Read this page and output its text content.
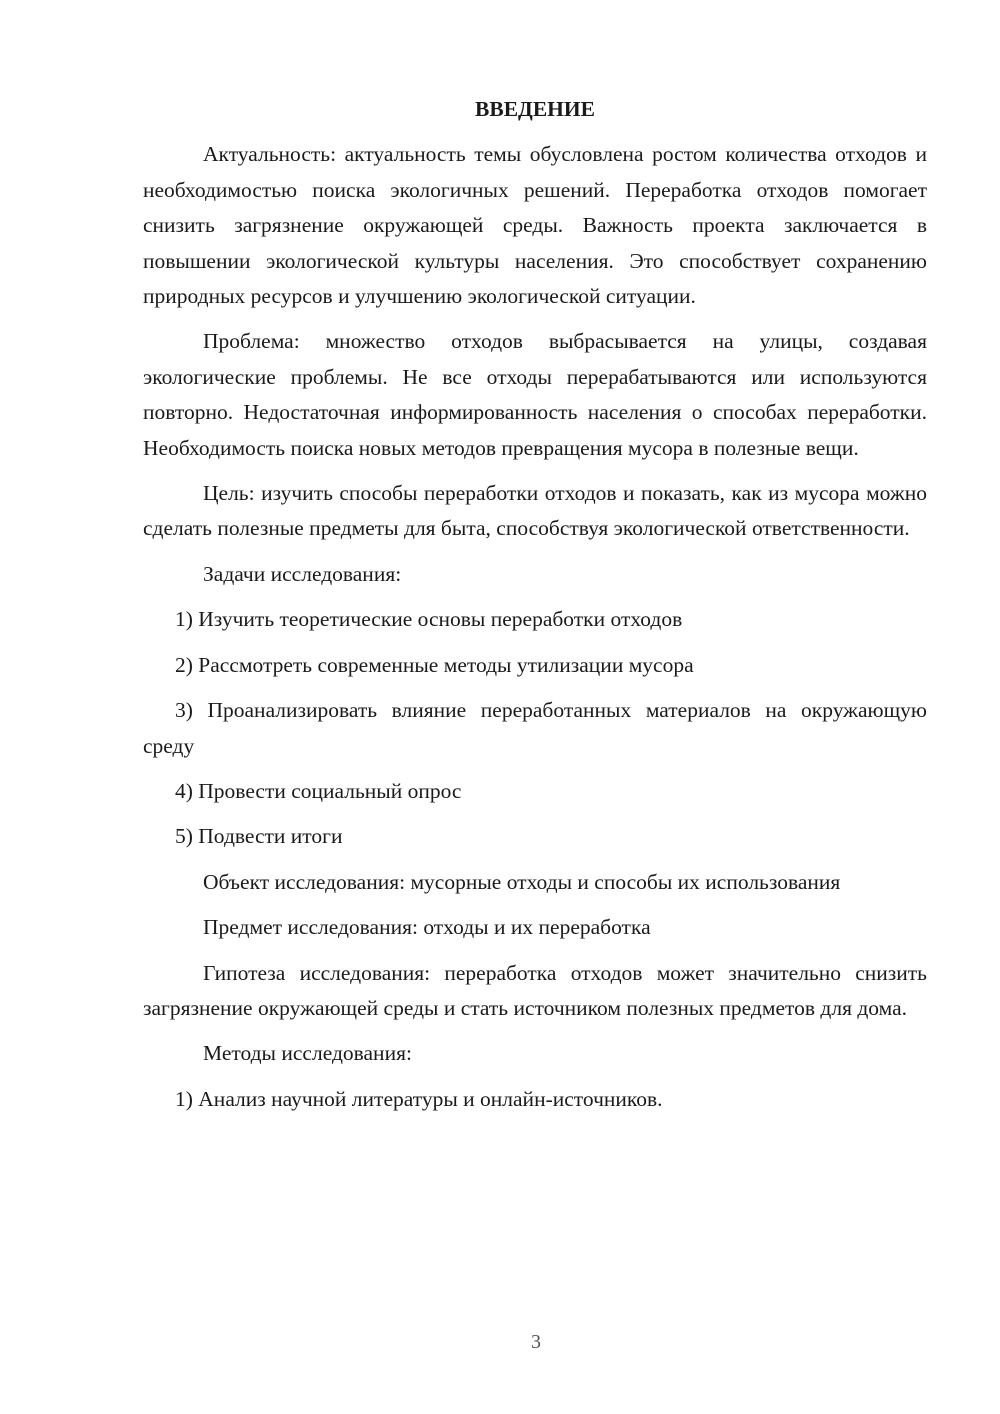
ВВЕДЕНИЕ

Актуальность: актуальность темы обусловлена ростом количества отходов и необходимостью поиска экологичных решений. Переработка отходов помогает снизить загрязнение окружающей среды. Важность проекта заключается в повышении экологической культуры населения. Это способствует сохранению природных ресурсов и улучшению экологической ситуации.

Проблема: множество отходов выбрасывается на улицы, создавая экологические проблемы. Не все отходы перерабатываются или используются повторно. Недостаточная информированность населения о способах переработки. Необходимость поиска новых методов превращения мусора в полезные вещи.

Цель: изучить способы переработки отходов и показать, как из мусора можно сделать полезные предметы для быта, способствуя экологической ответственности.

Задачи исследования:

1) Изучить теоретические основы переработки отходов

2) Рассмотреть современные методы утилизации мусора

3) Проанализировать влияние переработанных материалов на окружающую среду

4) Провести социальный опрос

5) Подвести итоги

Объект исследования: мусорные отходы и способы их использования

Предмет исследования: отходы и их переработка

Гипотеза исследования: переработка отходов может значительно снизить загрязнение окружающей среды и стать источником полезных предметов для дома.

Методы исследования:

1) Анализ научной литературы и онлайн-источников.

3
